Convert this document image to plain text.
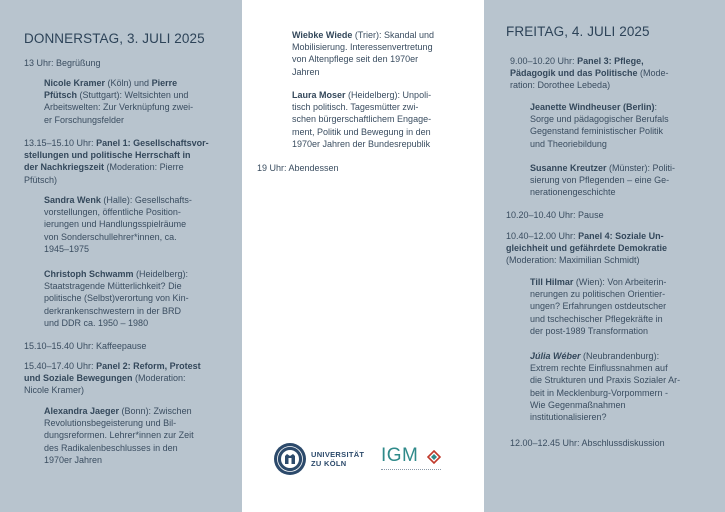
DONNERSTAG, 3. JULI 2025
13 Uhr: Begrüßung
Nicole Kramer (Köln) und Pierre
Pfütsch (Stuttgart): Weltsichten und
Arbeitswelten: Zur Verknüpfung zwei-
er Forschungsfelder
13.15–15.10 Uhr: Panel 1: Gesellschaftsvor-
stellungen und politische Herrschaft in
der Nachkriegszeit (Moderation: Pierre
Pfütsch)
Sandra Wenk (Halle): Gesellschafts-
vorstellungen, öffentliche Position-
ierungen und Handlungsspielräume
von Sonderschullehrer*innen, ca.
1945–1975
Christoph Schwamm (Heidelberg):
Staatstragende Mütterlichkeit? Die
politische (Selbst)verortung von Kin-
derkrankenschwestern in der BRD
und DDR ca. 1950 – 1980
15.10–15.40 Uhr: Kaffeepause
15.40–17.40 Uhr: Panel 2: Reform, Protest
und Soziale Bewegungen (Moderation:
Nicole Kramer)
Alexandra Jaeger (Bonn): Zwischen
Revolutionsbegeisterung und Bil-
dungsreformen. Lehrer*innen zur Zeit
des Radikalenbeschlusses in den
1970er Jahren
Wiebke Wiede (Trier): Skandal und
Mobilisierung. Interessenvertretung
von Altenpflege seit den 1970er
Jahren
Laura Moser (Heidelberg): Unpoli-
tisch politisch. Tagesmütter zwi-
schen bürgerschaftlichem Engage-
ment, Politik und Bewegung in den
1970er Jahren der Bundesrepublik
19 Uhr: Abendessen
UNIVERSITÄT
ZU KÖLN	IGM
FREITAG, 4. JULI 2025
9.00–10.20 Uhr: Panel 3: Pflege,
Pädagogik und das Politische (Mode-
ration: Dorothee Lebeda)
Jeanette Windheuser (Berlin):
Sorge und pädagogischer Berufals
Gegenstand feministischer Politik
und Theoriebildung
Susanne Kreutzer (Münster): Politi-
sierung von Pflegenden – eine Ge-
nerationengeschichte
10.20–10.40 Uhr: Pause
10.40–12.00 Uhr: Panel 4: Soziale Un-
gleichheit und gefährdete Demokratie
(Moderation: Maximilian Schmidt)
Till Hilmar (Wien): Von Arbeiterin-
nerungen zu politischen Orientier-
ungen? Erfahrungen ostdeutscher
und tschechischer Pflegekräfte in
der post-1989 Transformation
Júlia Wéber (Neubrandenburg):
Extrem rechte Einflussnahmen auf
die Strukturen und Praxis Sozialer Ar-
beit in Mecklenburg-Vorpommern -
Wie Gegenmaßnahmen
institutionalisieren?
12.00–12.45 Uhr: Abschlussdiskussion
